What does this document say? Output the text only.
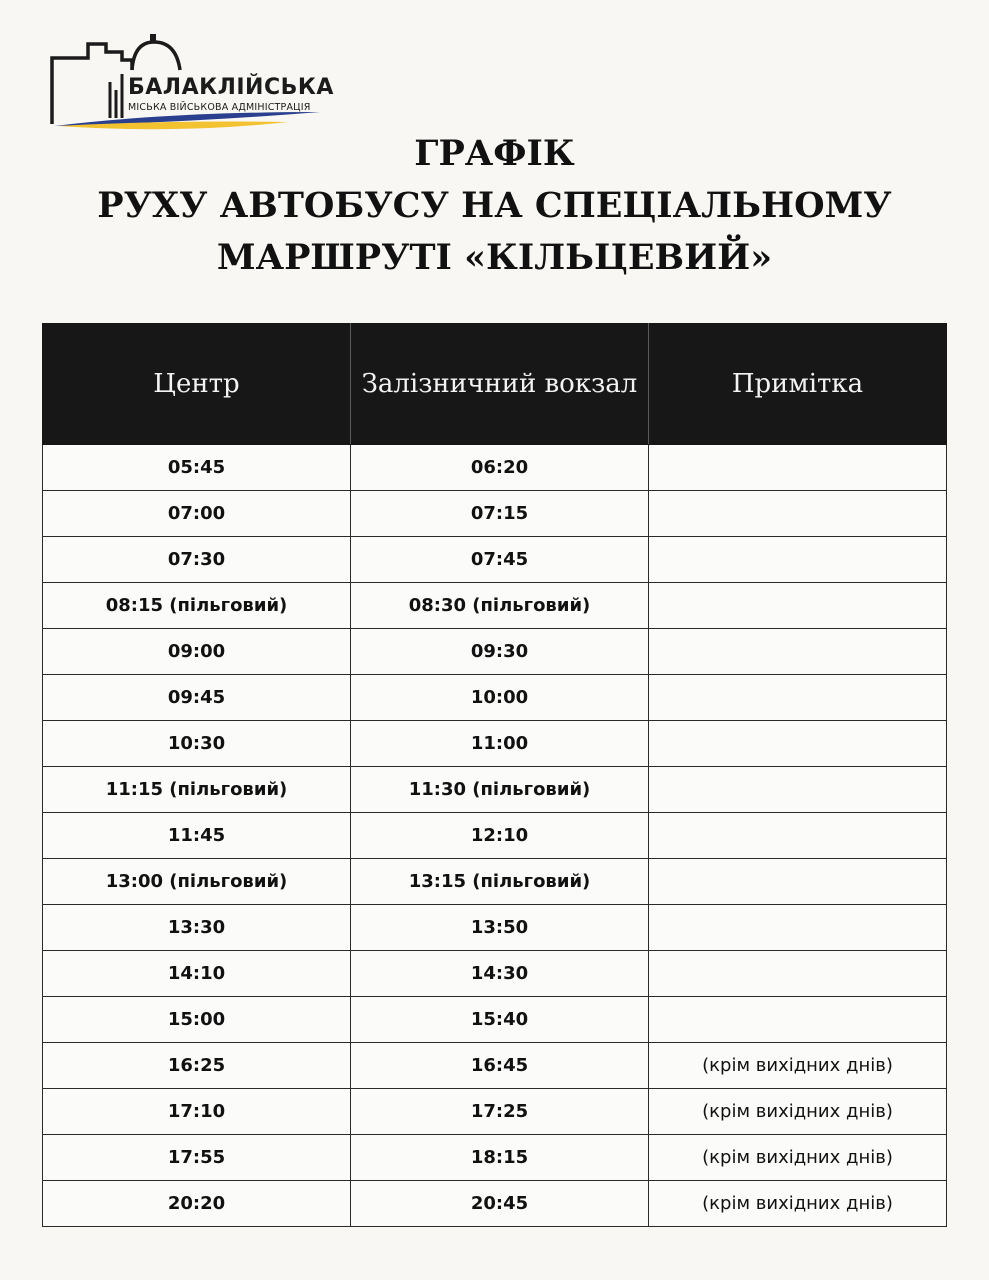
БАЛАКЛІЙСЬКА
МІСЬКА ВІЙСЬКОВА АДМІНІСТРАЦІЯ
ГРАФІК
РУХУ АВТОБУСУ НА СПЕЦІАЛЬНОМУ
МАРШРУТІ «КІЛЬЦЕВИЙ»
Центр	Залізничний вокзал	Примітка
05:45	06:20	
07:00	07:15	
07:30	07:45	
08:15 (пільговий)	08:30 (пільговий)	
09:00	09:30	
09:45	10:00	
10:30	11:00	
11:15 (пільговий)	11:30 (пільговий)	
11:45	12:10	
13:00 (пільговий)	13:15 (пільговий)	
13:30	13:50	
14:10	14:30	
15:00	15:40	
16:25	16:45	(крім вихідних днів)
17:10	17:25	(крім вихідних днів)
17:55	18:15	(крім вихідних днів)
20:20	20:45	(крім вихідних днів)
